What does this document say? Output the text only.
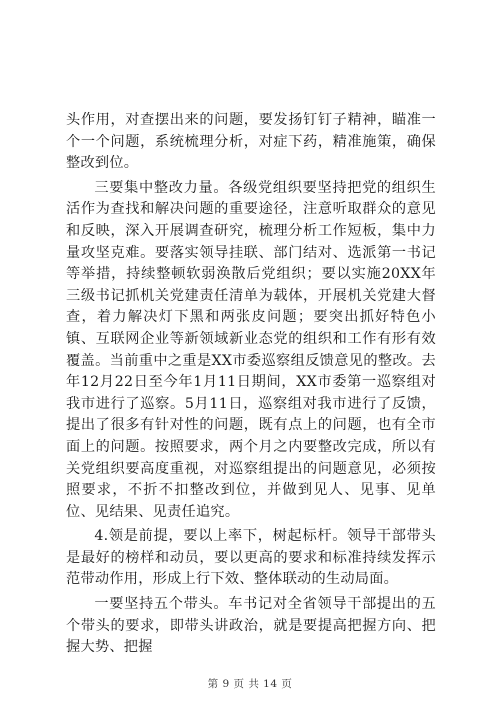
头作用，对查摆出来的问题，要发扬钉钉子精神，瞄准一个一个问题，系统梳理分析，对症下药，精准施策，确保整改到位。

三要集中整改力量。各级党组织要坚持把党的组织生活作为查找和解决问题的重要途径，注意听取群众的意见和反映，深入开展调查研究，梳理分析工作短板，集中力量攻坚克难。要落实领导挂联、部门结对、选派第一书记等举措，持续整顿软弱涣散后党组织；要以实施20XX年三级书记抓机关党建责任清单为载体，开展机关党建大督查，着力解决灯下黑和两张皮问题；要突出抓好特色小镇、互联网企业等新领域新业态党的组织和工作有形有效覆盖。当前重中之重是XX市委巡察组反馈意见的整改。去年12月22日至今年1月11日期间，XX市委第一巡察组对我市进行了巡察。5月11日，巡察组对我市进行了反馈，提出了很多有针对性的问题，既有点上的问题，也有全市面上的问题。按照要求，两个月之内要整改完成，所以有关党组织要高度重视，对巡察组提出的问题意见，必须按照要求，不折不扣整改到位，并做到见人、见事、见单位、见结果、见责任追究。

4.领是前提，要以上率下，树起标杆。领导干部带头是最好的榜样和动员，要以更高的要求和标准持续发挥示范带动作用，形成上行下效、整体联动的生动局面。

一要坚持五个带头。车书记对全省领导干部提出的五个带头的要求，即带头讲政治，就是要提高把握方向、把握大势、把握

第 9 页 共 14 页
